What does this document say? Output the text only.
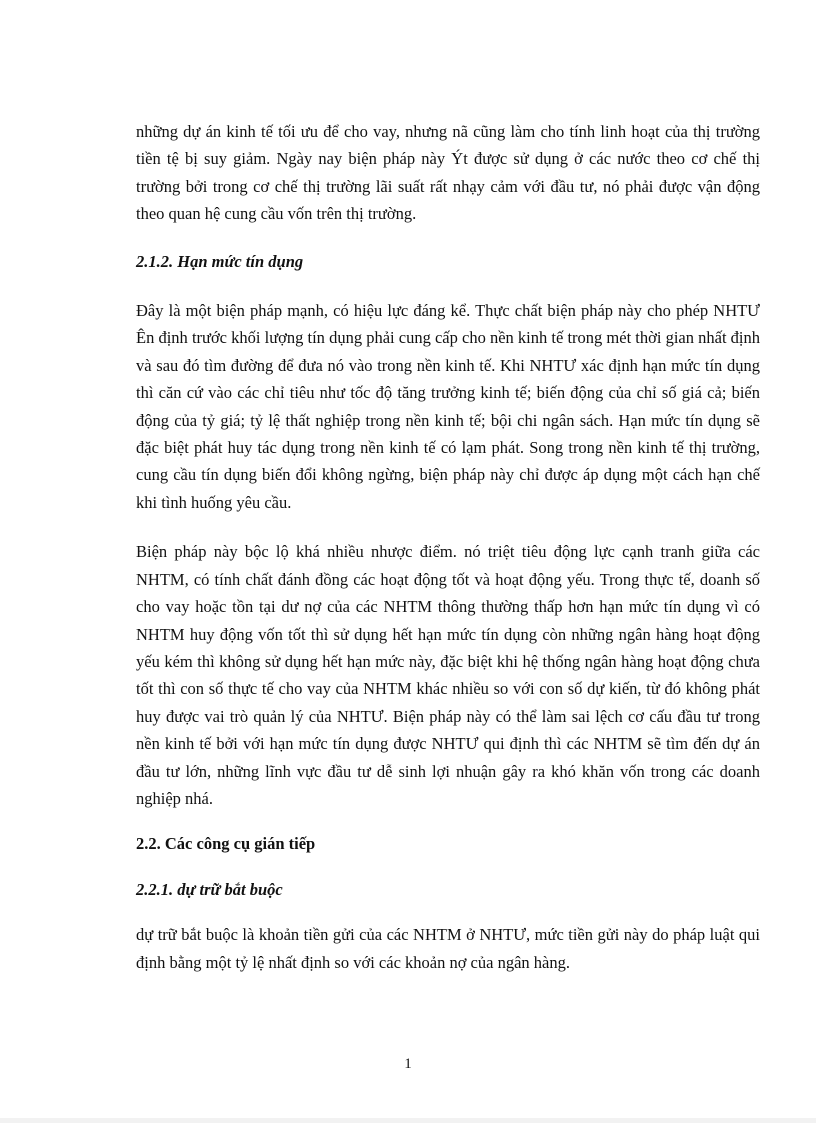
những dự án kinh tế tối ưu để cho vay, nhưng nã cũng làm cho tính linh hoạt của thị trường tiền tệ bị suy giảm. Ngày nay biện pháp này Ýt được sử dụng ở các nước theo cơ chế thị trường bởi trong cơ chế thị trường lãi suất rất nhạy cảm với đầu tư, nó phải được vận động theo quan hệ cung cầu vốn trên thị trường.

2.1.2. Hạn mức tín dụng

Đây là một biện pháp mạnh, có hiệu lực đáng kể. Thực chất biện pháp này cho phép NHTƯ Ên định trước khối lượng tín dụng phải cung cấp cho nền kinh tế trong mét thời gian nhất định và sau đó tìm đường để đưa nó vào trong nền kinh tế. Khi NHTƯ xác định hạn mức tín dụng thì căn cứ vào các chỉ tiêu như tốc độ tăng trưởng kinh tế; biến động của chỉ số giá cả; biến động của tỷ giá; tỷ lệ thất nghiệp trong nền kinh tế; bội chi ngân sách. Hạn mức tín dụng sẽ đặc biệt phát huy tác dụng trong nền kinh tế có lạm phát. Song trong nền kinh tế thị trường, cung cầu tín dụng biến đổi không ngừng, biện pháp này chỉ được áp dụng một cách hạn chế khi tình huống yêu cầu.

Biện pháp này bộc lộ khá nhiều nhược điểm. nó triệt tiêu động lực cạnh tranh giữa các NHTM, có tính chất đánh đồng các hoạt động tốt và hoạt động yếu. Trong thực tế, doanh số cho vay hoặc tồn tại dư nợ của các NHTM thông thường thấp hơn hạn mức tín dụng vì có NHTM huy động vốn tốt thì sử dụng hết hạn mức tín dụng còn những ngân hàng hoạt động yếu kém thì không sử dụng hết hạn mức này, đặc biệt khi hệ thống ngân hàng hoạt động chưa tốt thì con số thực tế cho vay của NHTM khác nhiều so với con số dự kiến, từ đó không phát huy được vai trò quản lý của NHTƯ. Biện pháp này có thể làm sai lệch cơ cấu đầu tư trong nền kinh tế bởi với hạn mức tín dụng được NHTƯ qui định thì các NHTM sẽ tìm đến dự án đầu tư lớn, những lĩnh vực đầu tư dễ sinh lợi nhuận gây ra khó khăn vốn trong các doanh nghiệp nhá.

2.2. Các công cụ gián tiếp

2.2.1. dự trữ bắt buộc

dự trữ bắt buộc là khoản tiền gửi của các NHTM ở NHTƯ, mức tiền gửi này do pháp luật qui định bằng một tỷ lệ nhất định so với các khoản nợ của ngân hàng.

1
